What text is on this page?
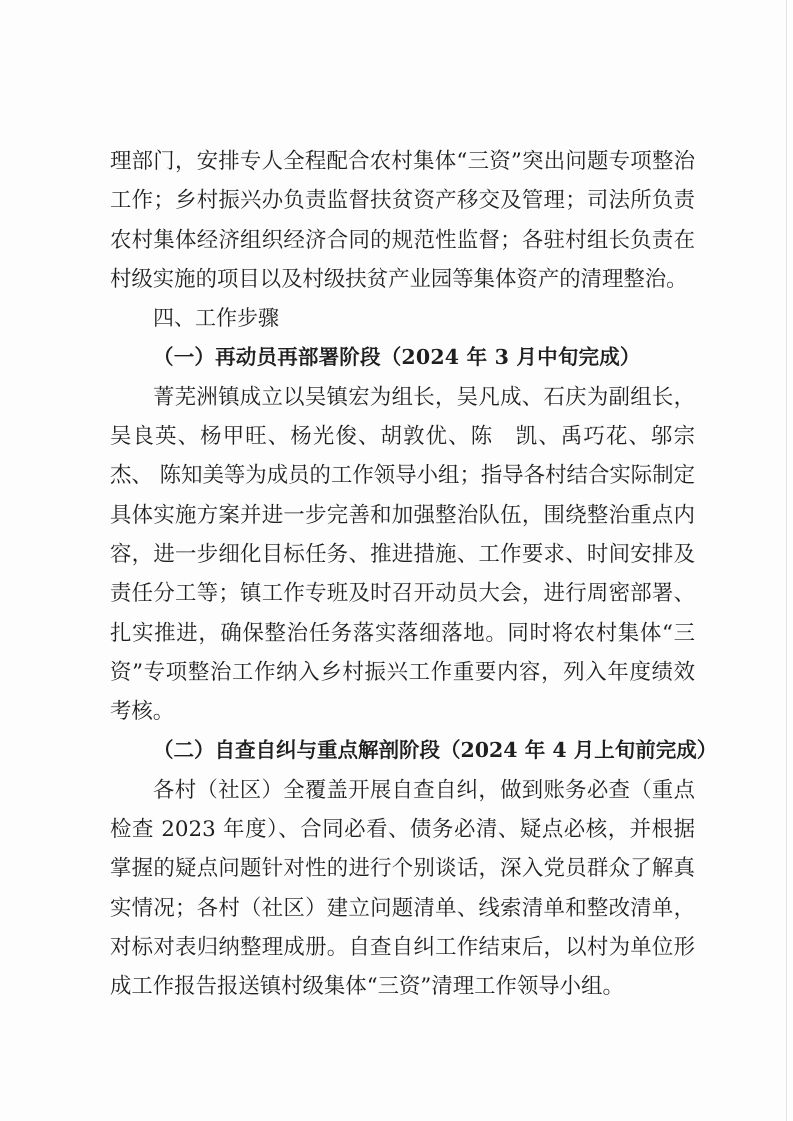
理部门，安排专人全程配合农村集体“三资”突出问题专项整治工作；乡村振兴办负责监督扶贫资产移交及管理；司法所负责农村集体经济组织经济合同的规范性监督；各驻村组长负责在村级实施的项目以及村级扶贫产业园等集体资产的清理整治。

四、工作步骤

（一）再动员再部署阶段（2024 年 3 月中旬完成）

菁芜洲镇成立以吴镇宏为组长，吴凡成、石庆为副组长，吴良英、杨甲旺、杨光俊、胡敦优、陈　凯、禹巧花、邬宗杰、 陈知美等为成员的工作领导小组；指导各村结合实际制定具体实施方案并进一步完善和加强整治队伍，围绕整治重点内容，进一步细化目标任务、推进措施、工作要求、时间安排及责任分工等；镇工作专班及时召开动员大会，进行周密部署、扎实推进，确保整治任务落实落细落地。同时将农村集体“三资”专项整治工作纳入乡村振兴工作重要内容，列入年度绩效考核。

（二）自查自纠与重点解剖阶段（2024 年 4 月上旬前完成）

各村（社区）全覆盖开展自查自纠，做到账务必查（重点检查 2023 年度）、合同必看、债务必清、疑点必核，并根据掌握的疑点问题针对性的进行个别谈话，深入党员群众了解真实情况；各村（社区）建立问题清单、线索清单和整改清单，对标对表归纳整理成册。自查自纠工作结束后，以村为单位形成工作报告报送镇村级集体“三资”清理工作领导小组。
